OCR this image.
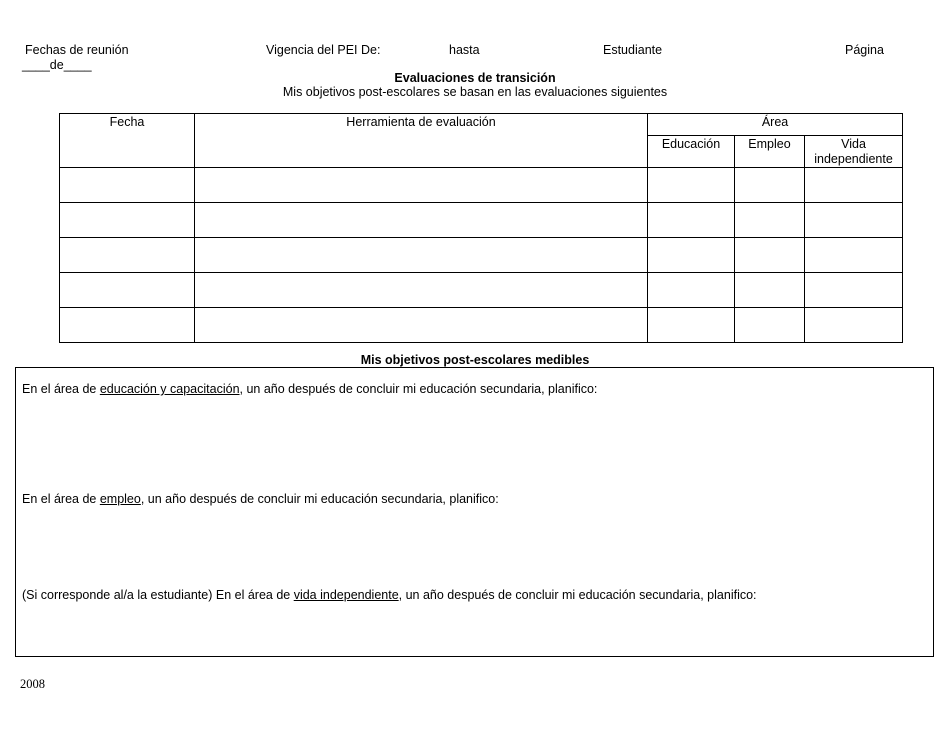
Fechas de reunión
____de____
Vigencia del PEI De:	hasta	Estudiante	Página
Evaluaciones de transición
Mis objetivos post-escolares se basan en las evaluaciones siguientes
Fecha	Herramienta de evaluación	Área		
		Educación	Empleo	Vida independiente

Mis objetivos post-escolares medibles
En el área de educación y capacitación, un año después de concluir mi educación secundaria, planifico:
En el área de empleo, un año después de concluir mi educación secundaria, planifico:
(Si corresponde al/a la estudiante) En el área de vida independiente, un año después de concluir mi educación secundaria, planifico:
2008
